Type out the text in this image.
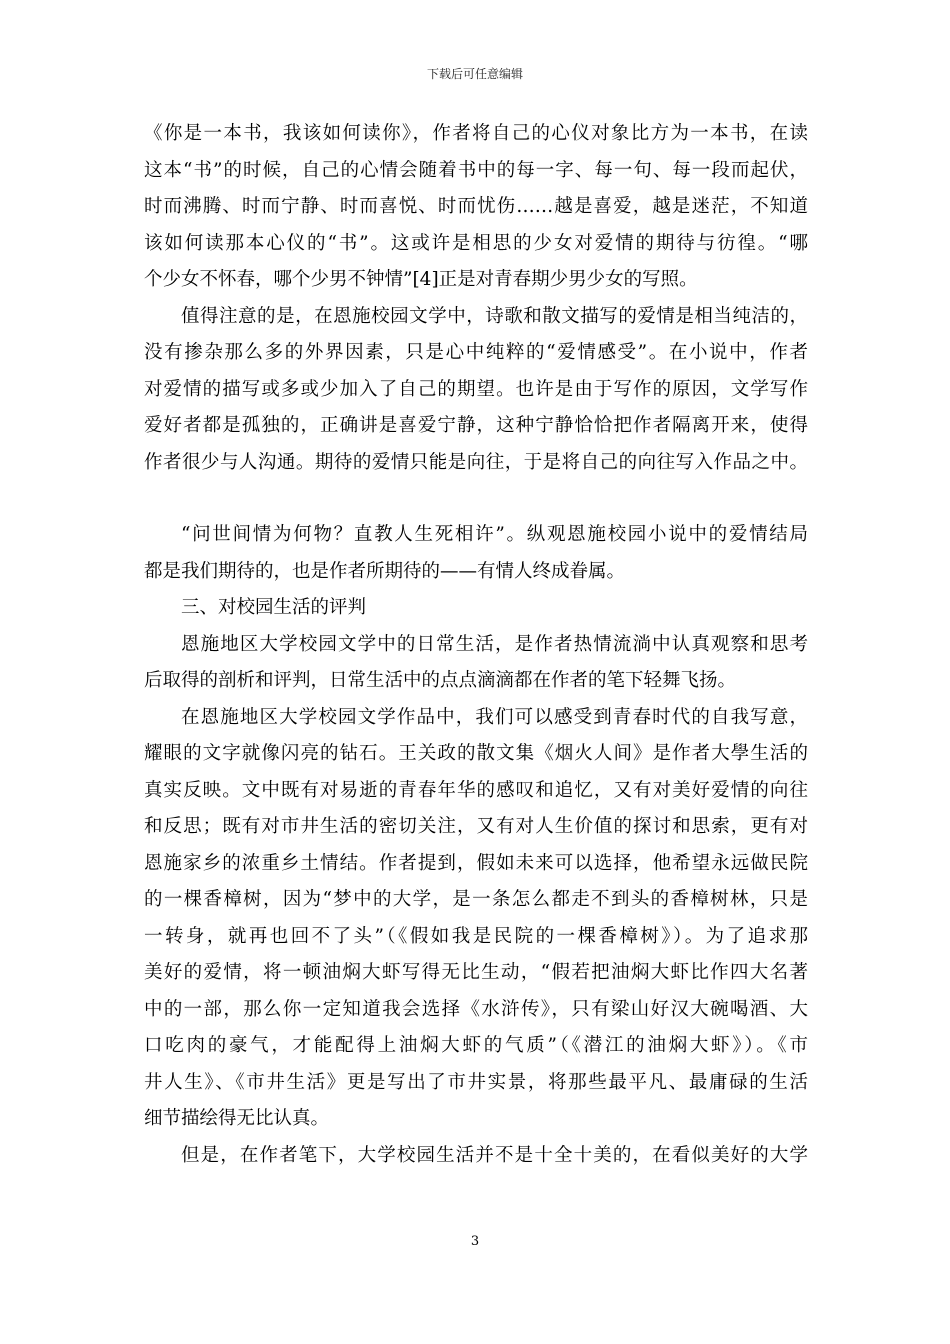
下载后可任意编辑
《你是一本书，我该如何读你》，作者将自己的心仪对象比方为一本书，在读
这本“书”的时候，自己的心情会随着书中的每一字、每一句、每一段而起伏，
时而沸腾、时而宁静、时而喜悦、时而忧伤……越是喜爱，越是迷茫，不知道
该如何读那本心仪的“书”。这或许是相思的少女对爱情的期待与彷徨。“哪
个少女不怀春，哪个少男不钟情”[4]正是对青春期少男少女的写照。
值得注意的是，在恩施校园文学中，诗歌和散文描写的爱情是相当纯洁的，
没有掺杂那么多的外界因素，只是心中纯粹的“爱情感受”。在小说中，作者
对爱情的描写或多或少加入了自己的期望。也许是由于写作的原因，文学写作
爱好者都是孤独的，正确讲是喜爱宁静，这种宁静恰恰把作者隔离开来，使得
作者很少与人沟通。期待的爱情只能是向往，于是将自己的向往写入作品之中。
“问世间情为何物？直教人生死相许”。纵观恩施校园小说中的爱情结局
都是我们期待的，也是作者所期待的——有情人终成眷属。
三、对校园生活的评判
恩施地区大学校园文学中的日常生活，是作者热情流淌中认真观察和思考
后取得的剖析和评判，日常生活中的点点滴滴都在作者的笔下轻舞飞扬。
在恩施地区大学校园文学作品中，我们可以感受到青春时代的自我写意，
耀眼的文字就像闪亮的钻石。王关政的散文集《烟火人间》是作者大學生活的
真实反映。文中既有对易逝的青春年华的感叹和追忆，又有对美好爱情的向往
和反思；既有对市井生活的密切关注，又有对人生价值的探讨和思索，更有对
恩施家乡的浓重乡土情结。作者提到，假如未来可以选择，他希望永远做民院
的一棵香樟树，因为“梦中的大学，是一条怎么都走不到头的香樟树林，只是
一转身，就再也回不了头”（《假如我是民院的一棵香樟树》）。为了追求那
美好的爱情，将一顿油焖大虾写得无比生动，“假若把油焖大虾比作四大名著
中的一部，那么你一定知道我会选择《水浒传》，只有梁山好汉大碗喝酒、大
口吃肉的豪气，才能配得上油焖大虾的气质”（《潜江的油焖大虾》）。《市
井人生》、《市井生活》更是写出了市井实景，将那些最平凡、最庸碌的生活
细节描绘得无比认真。
但是，在作者笔下，大学校园生活并不是十全十美的，在看似美好的大学
3
